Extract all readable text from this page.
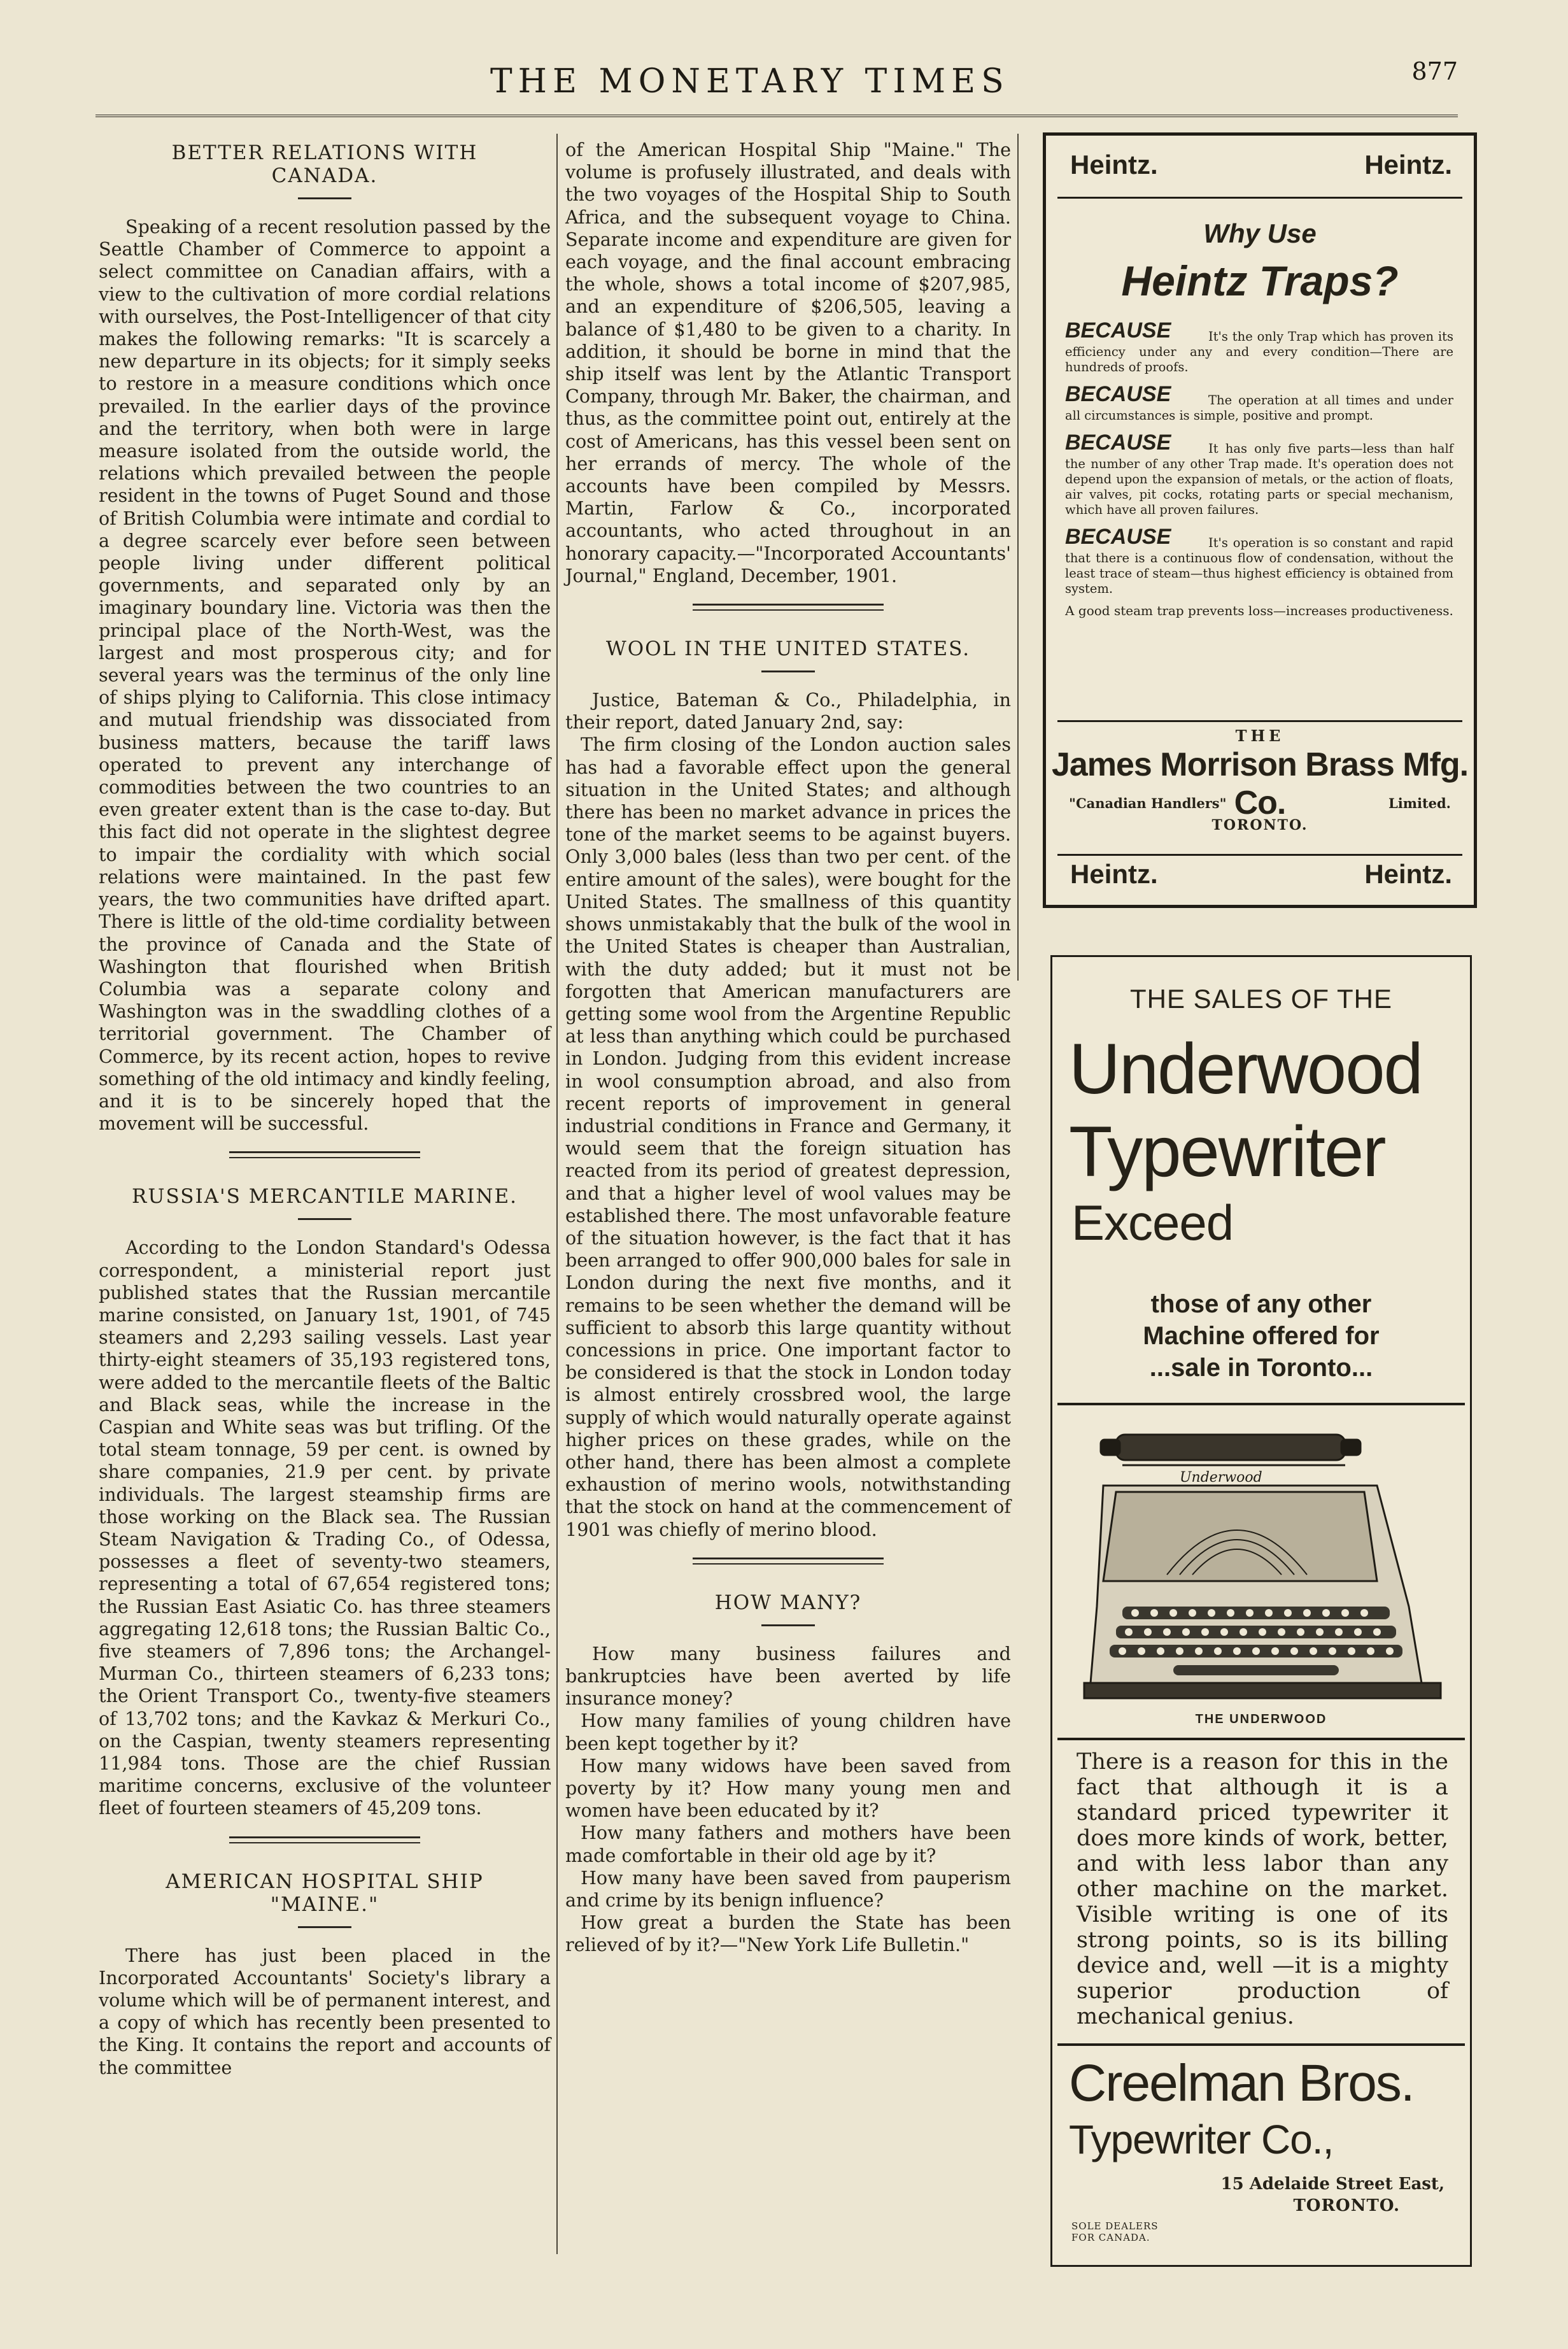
THE MONETARY TIMES	877
BETTER RELATIONS WITH
CANADA.

Speaking of a recent resolution passed by the Seattle Chamber of Commerce to appoint a select committee on Canadian affairs, with a view to the cultivation of more cordial relations with ourselves, the Post-Intelligencer of that city makes the following remarks: "It is scarcely a new departure in its objects; for it simply seeks to restore in a measure conditions which once prevailed. In the earlier days of the province and the territory, when both were in large measure isolated from the outside world, the relations which prevailed between the people resident in the towns of Puget Sound and those of British Columbia were intimate and cordial to a degree scarcely ever before seen between people living under different political governments, and separated only by an imaginary boundary line. Victoria was then the principal place of the North-West, was the largest and most prosperous city; and for several years was the terminus of the only line of ships plying to California. This close intimacy and mutual friendship was dissociated from business matters, because the tariff laws operated to prevent any interchange of commodities between the two countries to an even greater extent than is the case to-day. But this fact did not operate in the slightest degree to impair the cordiality with which social relations were maintained. In the past few years, the two communities have drifted apart. There is little of the old-time cordiality between the province of Canada and the State of Washington that flourished when British Columbia was a separate colony and Washington was in the swaddling clothes of a territorial government. The Chamber of Commerce, by its recent action, hopes to revive something of the old intimacy and kindly feeling, and it is to be sincerely hoped that the movement will be successful.

RUSSIA'S MERCANTILE MARINE.

According to the London Standard's Odessa correspondent, a ministerial report just published states that the Russian mercantile marine consisted, on January 1st, 1901, of 745 steamers and 2,293 sailing vessels. Last year thirty-eight steamers of 35,193 registered tons, were added to the mercantile fleets of the Baltic and Black seas, while the increase in the Caspian and White seas was but trifling. Of the total steam tonnage, 59 per cent. is owned by share companies, 21.9 per cent. by private individuals. The largest steamship firms are those working on the Black sea. The Russian Steam Navigation & Trading Co., of Odessa, possesses a fleet of seventy-two steamers, representing a total of 67,654 registered tons; the Russian East Asiatic Co. has three steamers aggregating 12,618 tons; the Russian Baltic Co., five steamers of 7,896 tons; the Archangel-Murman Co., thirteen steamers of 6,233 tons; the Orient Transport Co., twenty-five steamers of 13,702 tons; and the Kavkaz & Merkuri Co., on the Caspian, twenty steamers representing 11,984 tons. Those are the chief Russian maritime concerns, exclusive of the volunteer fleet of fourteen steamers of 45,209 tons.

AMERICAN HOSPITAL SHIP
"MAINE."

There has just been placed in the Incorporated Accountants' Society's library a volume which will be of permanent interest, and a copy of which has recently been presented to the King. It contains the report and accounts of the committee

of the American Hospital Ship "Maine." The volume is profusely illustrated, and deals with the two voyages of the Hospital Ship to South Africa, and the subsequent voyage to China. Separate income and expenditure are given for each voyage, and the final account embracing the whole, shows a total income of $207,985, and an expenditure of $206,505, leaving a balance of $1,480 to be given to a charity. In addition, it should be borne in mind that the ship itself was lent by the Atlantic Transport Company, through Mr. Baker, the chairman, and thus, as the committee point out, entirely at the cost of Americans, has this vessel been sent on her errands of mercy. The whole of the accounts have been compiled by Messrs. Martin, Farlow & Co., incorporated accountants, who acted throughout in an honorary capacity.—"Incorporated Accountants' Journal," England, December, 1901.

WOOL IN THE UNITED STATES.

Justice, Bateman & Co., Philadelphia, in their report, dated January 2nd, say:

The firm closing of the London auction sales has had a favorable effect upon the general situation in the United States; and although there has been no market advance in prices the tone of the market seems to be against buyers. Only 3,000 bales (less than two per cent. of the entire amount of the sales), were bought for the United States. The smallness of this quantity shows unmistakably that the bulk of the wool in the United States is cheaper than Australian, with the duty added; but it must not be forgotten that American manufacturers are getting some wool from the Argentine Republic at less than anything which could be purchased in London. Judging from this evident increase in wool consumption abroad, and also from recent reports of improvement in general industrial conditions in France and Germany, it would seem that the foreign situation has reacted from its period of greatest depression, and that a higher level of wool values may be established there. The most unfavorable feature of the situation however, is the fact that it has been arranged to offer 900,000 bales for sale in London during the next five months, and it remains to be seen whether the demand will be sufficient to absorb this large quantity without concessions in price. One important factor to be considered is that the stock in London today is almost entirely crossbred wool, the large supply of which would naturally operate against higher prices on these grades, while on the other hand, there has been almost a complete exhaustion of merino wools, notwithstanding that the stock on hand at the commencement of 1901 was chiefly of merino blood.

HOW MANY?

How many business failures and bankruptcies have been averted by life insurance money?

How many families of young children have been kept together by it?

How many widows have been saved from poverty by it? How many young men and women have been educated by it?

How many fathers and mothers have been made comfortable in their old age by it?

How many have been saved from pauperism and crime by its benign influence?

How great a burden the State has been relieved of by it?—"New York Life Bulletin."

Heintz.	Heintz.
Why Use
Heintz Traps?
BECAUSE	It's the only Trap which has proven its efficiency under any and every condition—There are hundreds of proofs.
BECAUSE	The operation at all times and under all circumstances is simple, positive and prompt.
BECAUSE	It has only five parts—less than half the number of any other Trap made. It's operation does not depend upon the expansion of metals, or the action of floats, air valves, pit cocks, rotating parts or special mechanism, which have all proven failures.
BECAUSE	It's operation is so constant and rapid that there is a continuous flow of condensation, without the least trace of steam—thus highest efficiency is obtained from system.
A good steam trap prevents loss—increases productiveness.
THE
James Morrison Brass Mfg. Co.
"Canadian Handlers"	Limited.
TORONTO.
Heintz.	Heintz.
THE SALES OF THE
Underwood
Typewriter
Exceed
those of any other
Machine offered for
...sale in Toronto...
Underwood
THE UNDERWOOD
There is a reason for this in the fact that although it is a standard priced typewriter it does more kinds of work, better, and with less labor than any other machine on the market. Visible writing is one of its strong points, so is its billing device and, well —it is a mighty superior production of mechanical genius.
Creelman Bros.
Typewriter Co.,
15 Adelaide Street East,
TORONTO.
SOLE DEALERS
FOR CANADA.
